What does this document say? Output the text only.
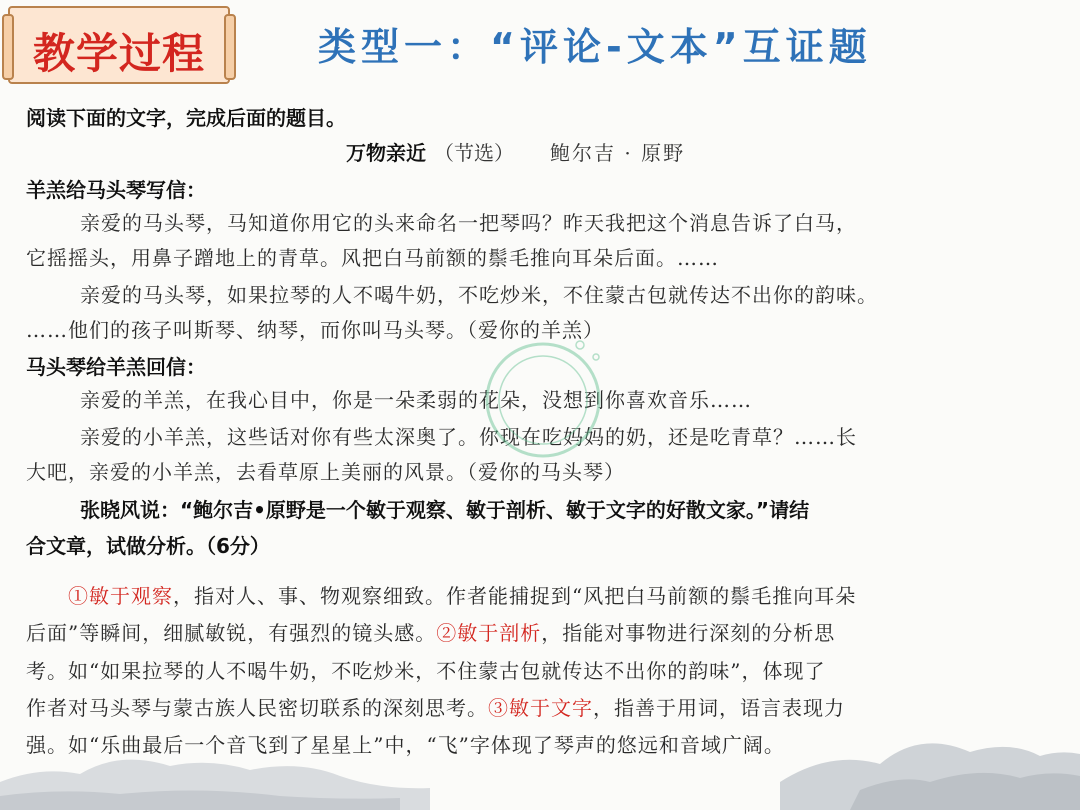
教学过程	类型一：“评论-文本”互证题
阅读下面的文字，完成后面的题目。
万物亲近 （节选） 鲍尔吉 · 原野
羊羔给马头琴写信：
亲爱的马头琴，马知道你用它的头来命名一把琴吗？昨天我把这个消息告诉了白马，
它摇摇头，用鼻子蹭地上的青草。风把白马前额的鬃毛推向耳朵后面。……
亲爱的马头琴，如果拉琴的人不喝牛奶，不吃炒米，不住蒙古包就传达不出你的韵味。
……他们的孩子叫斯琴、纳琴，而你叫马头琴。（爱你的羊羔）
马头琴给羊羔回信：
亲爱的羊羔，在我心目中，你是一朵柔弱的花朵，没想到你喜欢音乐……
亲爱的小羊羔，这些话对你有些太深奥了。你现在吃妈妈的奶，还是吃青草？……长
大吧，亲爱的小羊羔，去看草原上美丽的风景。（爱你的马头琴）
张晓风说：“鲍尔吉•原野是一个敏于观察、敏于剖析、敏于文字的好散文家。”请结
合文章，试做分析。（6分）
①敏于观察，指对人、事、物观察细致。作者能捕捉到“风把白马前额的鬃毛推向耳朵
后面”等瞬间，细腻敏锐，有强烈的镜头感。②敏于剖析，指能对事物进行深刻的分析思
考。如“如果拉琴的人不喝牛奶，不吃炒米，不住蒙古包就传达不出你的韵味”，体现了
作者对马头琴与蒙古族人民密切联系的深刻思考。③敏于文字，指善于用词，语言表现力
强。如“乐曲最后一个音飞到了星星上”中，“飞”字体现了琴声的悠远和音域广阔。
